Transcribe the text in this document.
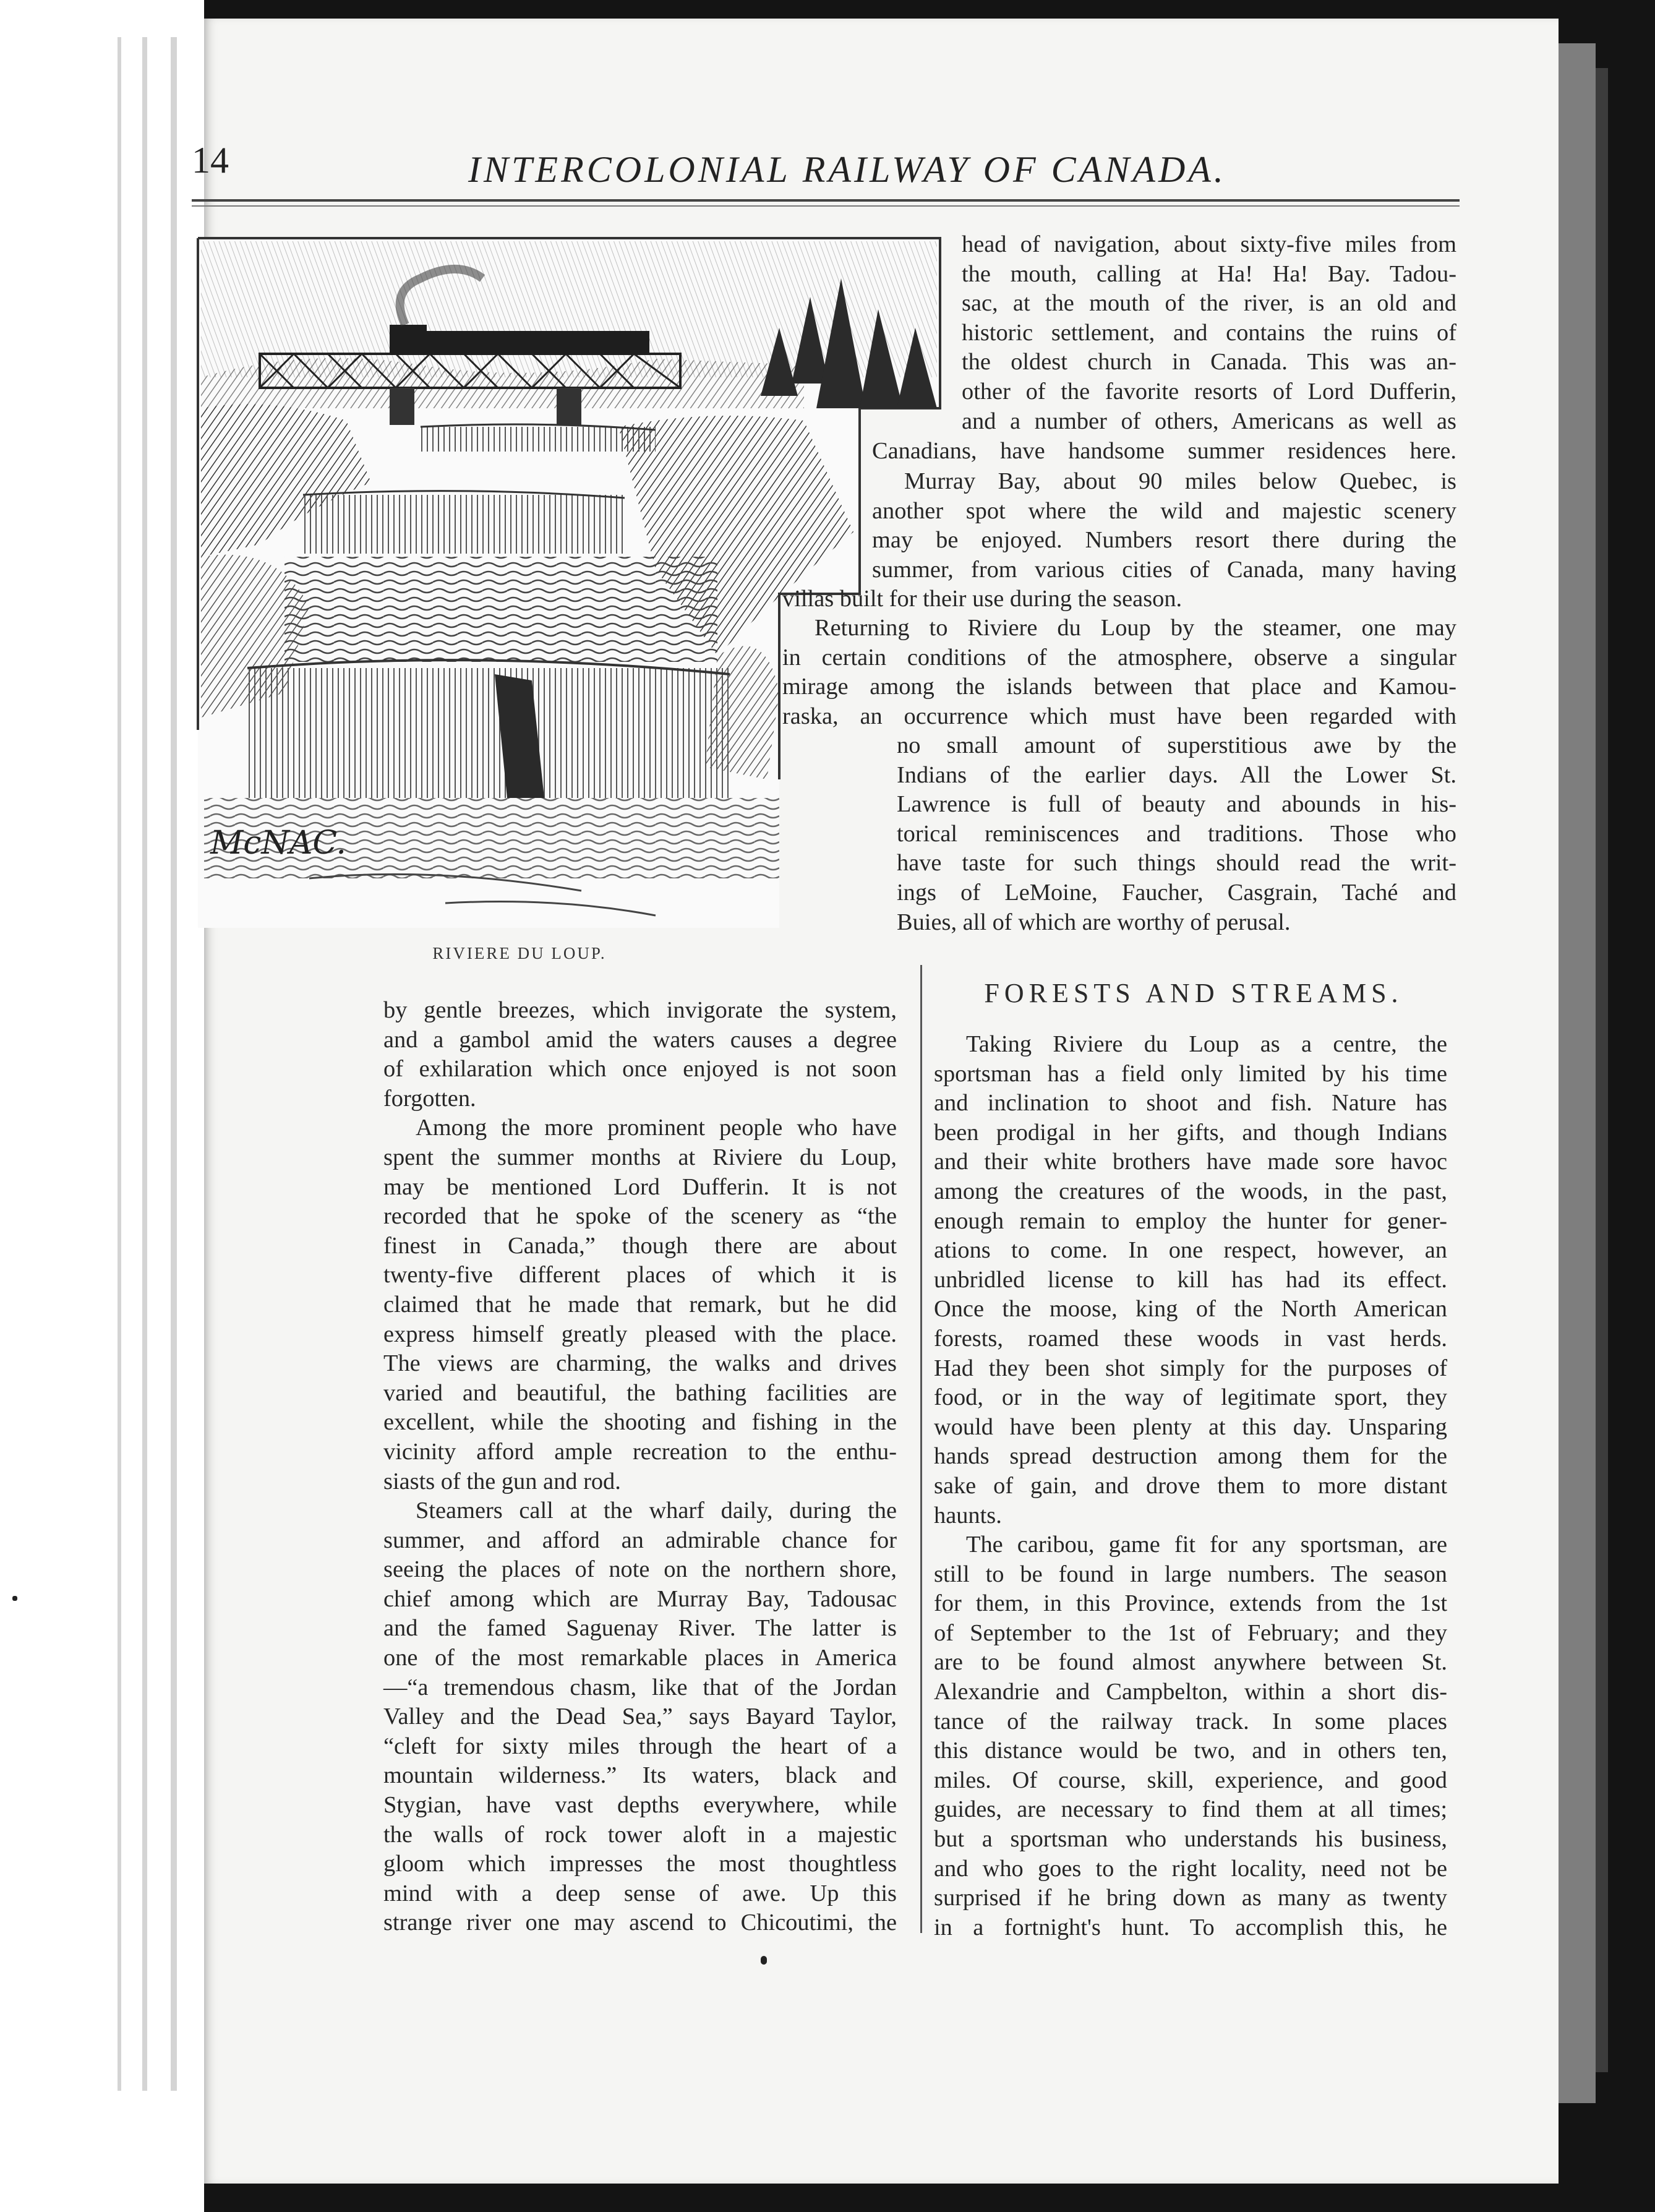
14	INTERCOLONIAL RAILWAY OF CANADA.
McNAC.
RIVIERE DU LOUP.

head of navigation, about sixty-five miles from
the mouth, calling at Ha! Ha! Bay. Tadou-
sac, at the mouth of the river, is an old and
historic settlement, and contains the ruins of
the oldest church in Canada. This was an-
other of the favorite resorts of Lord Dufferin,
and a number of others, Americans as well as

Canadians, have handsome summer residences here.

Murray Bay, about 90 miles below Quebec, is
another spot where the wild and majestic scenery
may be enjoyed. Numbers resort there during the
summer, from various cities of Canada, many having

villas built for their use during the season.

Returning to Riviere du Loup by the steamer, one may
in certain conditions of the atmosphere, observe a singular
mirage among the islands between that place and Kamou-
raska, an occurrence which must have been regarded with

no small amount of superstitious awe by the
Indians of the earlier days. All the Lower St.
Lawrence is full of beauty and abounds in his-
torical reminiscences and traditions. Those who
have taste for such things should read the writ-
ings of LeMoine, Faucher, Casgrain, Taché and
Buies, all of which are worthy of perusal.

FORESTS AND STREAMS.

by gentle breezes, which invigorate the system,
and a gambol amid the waters causes a degree
of exhilaration which once enjoyed is not soon
forgotten.

Among the more prominent people who have
spent the summer months at Riviere du Loup,
may be mentioned Lord Dufferin. It is not
recorded that he spoke of the scenery as “the
finest in Canada,” though there are about
twenty-five different places of which it is
claimed that he made that remark, but he did
express himself greatly pleased with the place.
The views are charming, the walks and drives
varied and beautiful, the bathing facilities are
excellent, while the shooting and fishing in the
vicinity afford ample recreation to the enthu-
siasts of the gun and rod.

Steamers call at the wharf daily, during the
summer, and afford an admirable chance for
seeing the places of note on the northern shore,
chief among which are Murray Bay, Tadousac
and the famed Saguenay River. The latter is
one of the most remarkable places in America
—“a tremendous chasm, like that of the Jordan
Valley and the Dead Sea,” says Bayard Taylor,
“cleft for sixty miles through the heart of a
mountain wilderness.” Its waters, black and
Stygian, have vast depths everywhere, while
the walls of rock tower aloft in a majestic
gloom which impresses the most thoughtless
mind with a deep sense of awe. Up this
strange river one may ascend to Chicoutimi, the

Taking Riviere du Loup as a centre, the
sportsman has a field only limited by his time
and inclination to shoot and fish. Nature has
been prodigal in her gifts, and though Indians
and their white brothers have made sore havoc
among the creatures of the woods, in the past,
enough remain to employ the hunter for gener-
ations to come. In one respect, however, an
unbridled license to kill has had its effect.
Once the moose, king of the North American
forests, roamed these woods in vast herds.
Had they been shot simply for the purposes of
food, or in the way of legitimate sport, they
would have been plenty at this day. Unsparing
hands spread destruction among them for the
sake of gain, and drove them to more distant
haunts.

The caribou, game fit for any sportsman, are
still to be found in large numbers. The season
for them, in this Province, extends from the 1st
of September to the 1st of February; and they
are to be found almost anywhere between St.
Alexandrie and Campbelton, within a short dis-
tance of the railway track. In some places
this distance would be two, and in others ten,
miles. Of course, skill, experience, and good
guides, are necessary to find them at all times;
but a sportsman who understands his business,
and who goes to the right locality, need not be
surprised if he bring down as many as twenty
in a fortnight's hunt. To accomplish this, he
